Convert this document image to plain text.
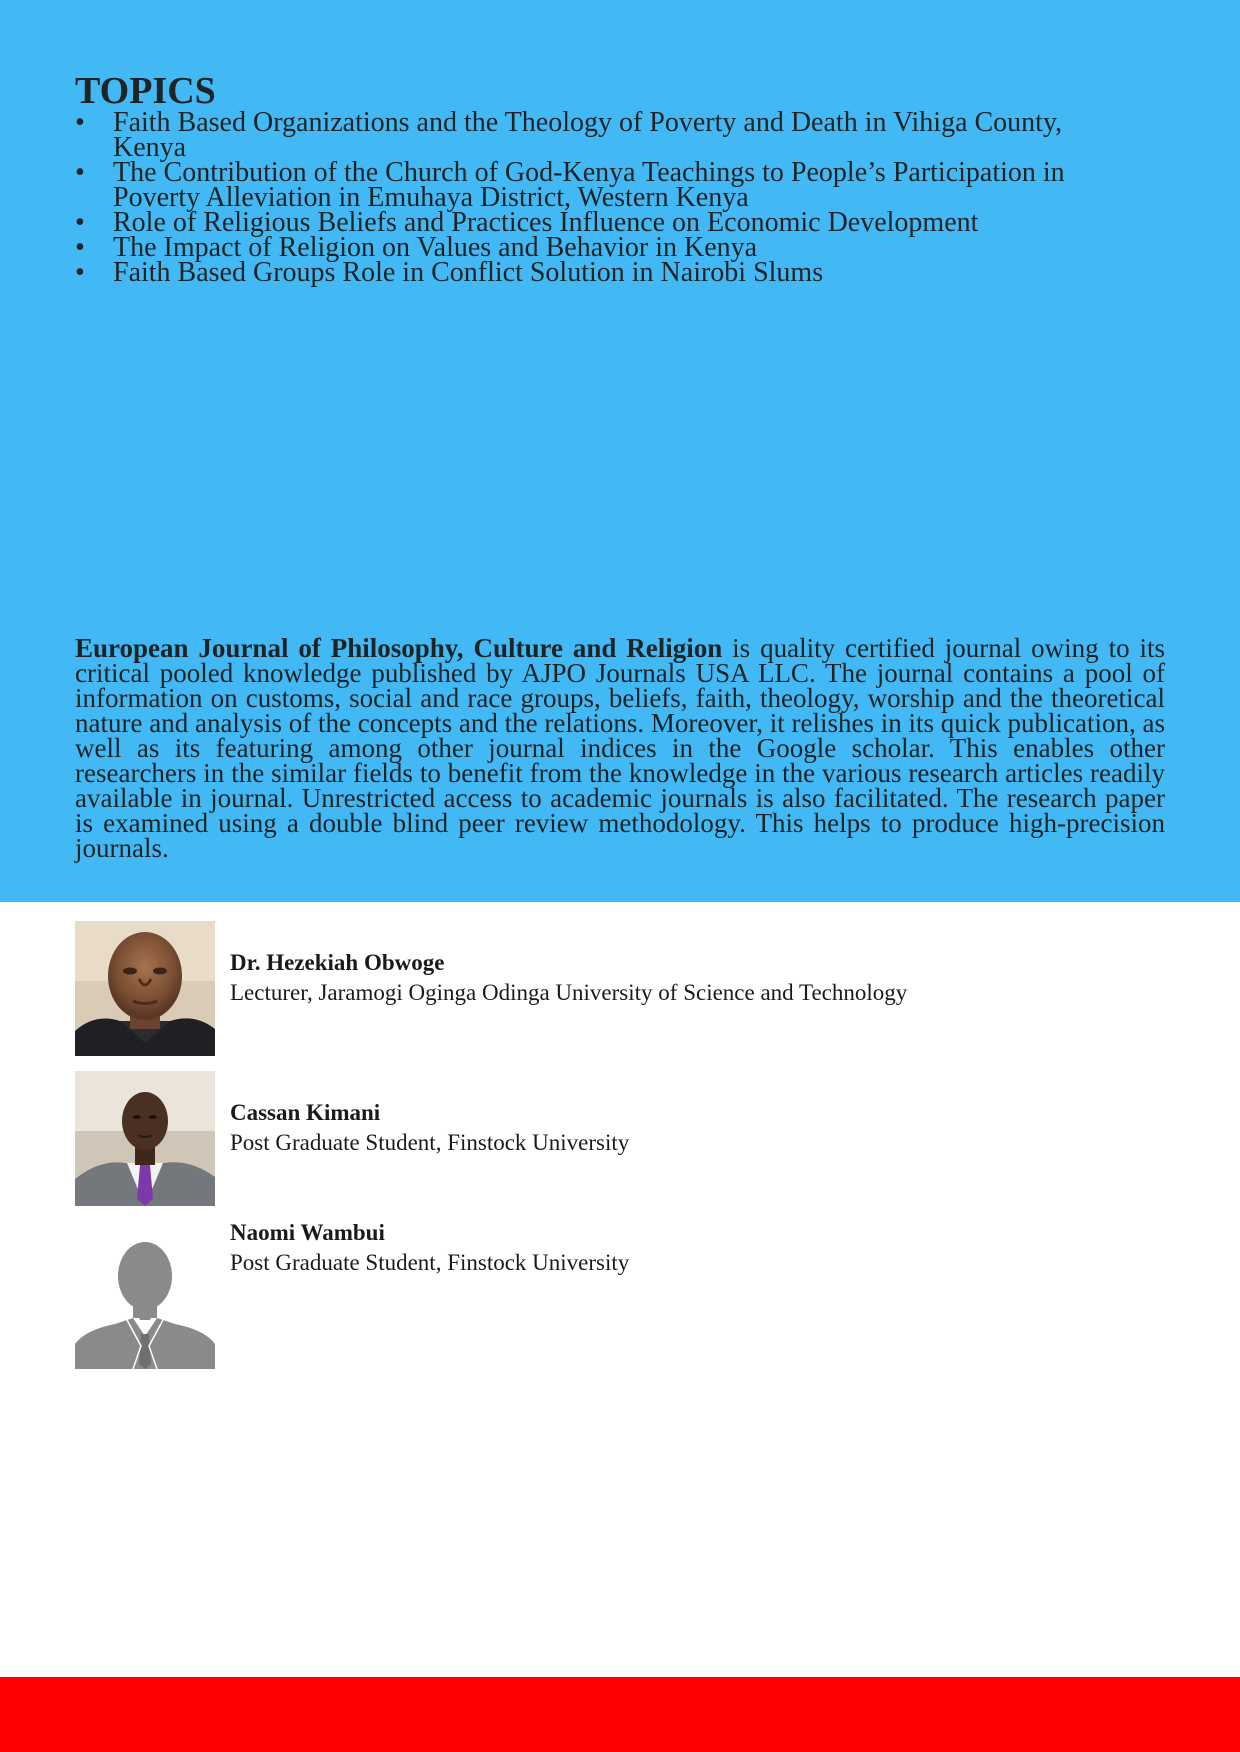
TOPICS
• Faith Based Organizations and the Theology of Poverty and Death in Vihiga County, Kenya
• The Contribution of the Church of God-Kenya Teachings to People’s Participation in Poverty Alleviation in Emuhaya District, Western Kenya
• Role of Religious Beliefs and Practices Influence on Economic Development
• The Impact of Religion on Values and Behavior in Kenya
• Faith Based Groups Role in Conflict Solution in Nairobi Slums

European Journal of Philosophy, Culture and Religion is quality certified journal owing to its critical pooled knowledge published by AJPO Journals USA LLC. The journal contains a pool of information on customs, social and race groups, beliefs, faith, theology, worship and the theoretical nature and analysis of the concepts and the relations. Moreover, it relishes in its quick publication, as well as its featuring among other journal indices in the Google scholar. This enables other researchers in the similar fields to benefit from the knowledge in the various research articles readily available in journal. Unrestricted access to academic journals is also facilitated. The research paper is examined using a double blind peer review methodology. This helps to produce high-precision journals.

Dr. Hezekiah Obwoge
Lecturer, Jaramogi Oginga Odinga University of Science and Technology
Cassan Kimani
Post Graduate Student, Finstock University
Naomi Wambui
Post Graduate Student, Finstock University
